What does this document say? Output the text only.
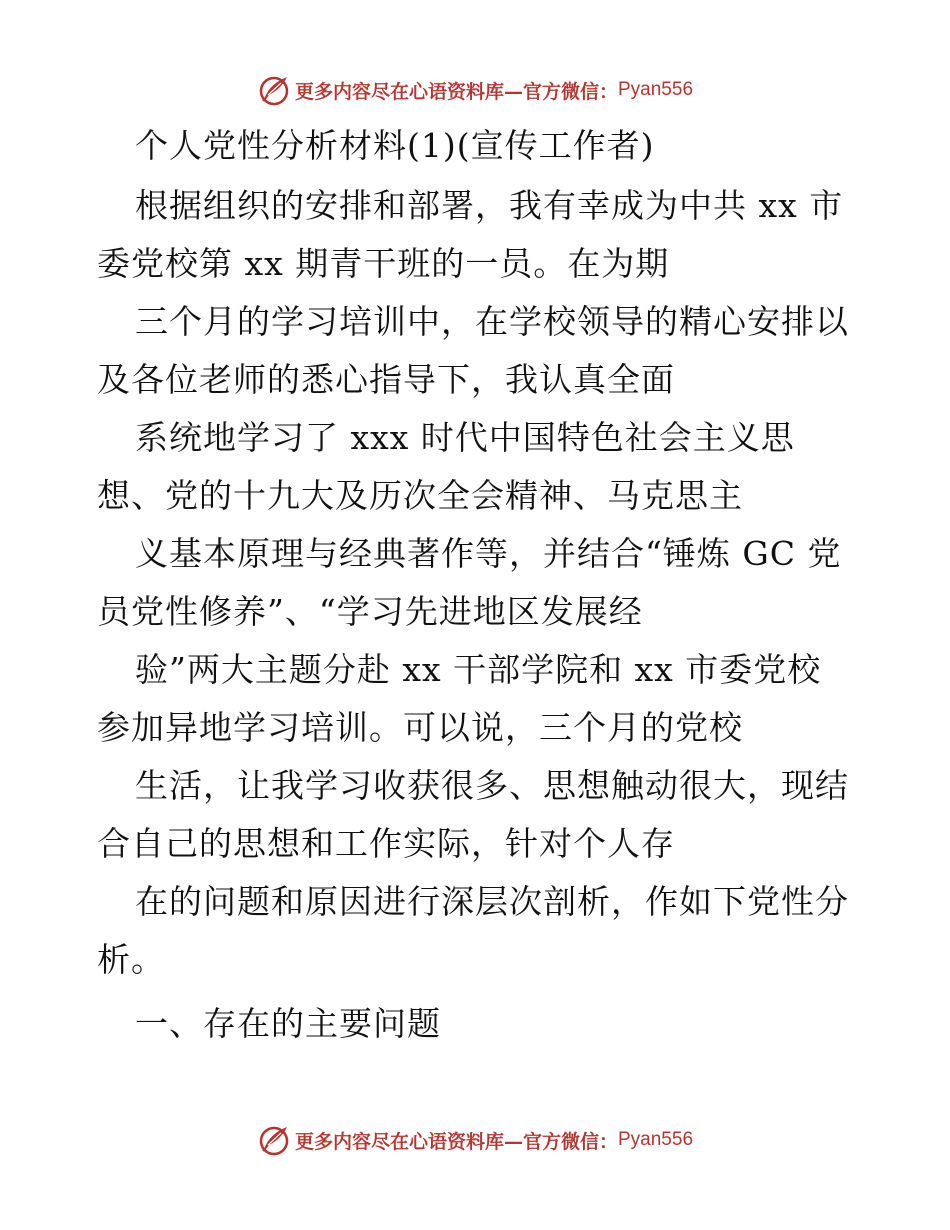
更多内容尽在心语资料库—官方微信： Pyan556
个人党性分析材料(1)(宣传工作者)
根据组织的安排和部署，我有幸成为中共 xx 市
委党校第 xx 期青干班的一员。在为期
三个月的学习培训中，在学校领导的精心安排以
及各位老师的悉心指导下，我认真全面
系统地学习了 xxx 时代中国特色社会主义思
想、党的十九大及历次全会精神、马克思主
义基本原理与经典著作等，并结合“锤炼 GC 党
员党性修养”、“学习先进地区发展经
验”两大主题分赴 xx 干部学院和 xx 市委党校
参加异地学习培训。可以说，三个月的党校
生活，让我学习收获很多、思想触动很大，现结
合自己的思想和工作实际，针对个人存
在的问题和原因进行深层次剖析，作如下党性分
析。
一、存在的主要问题
更多内容尽在心语资料库—官方微信： Pyan556
